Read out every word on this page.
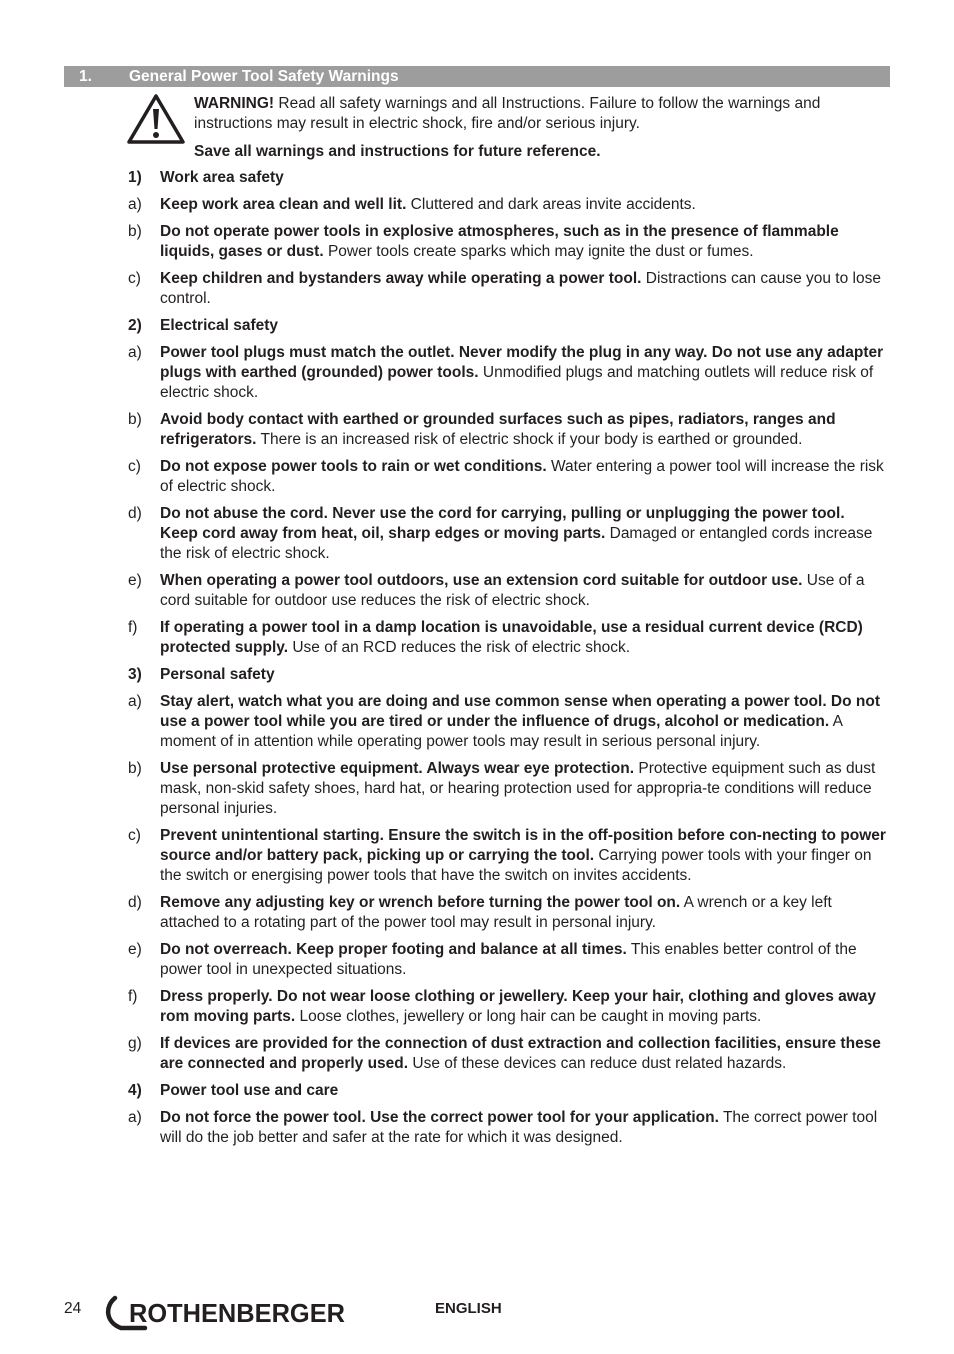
1. General Power Tool Safety Warnings
WARNING! Read all safety warnings and all Instructions. Failure to follow the warnings and instructions may result in electric shock, fire and/or serious injury.
Save all warnings and instructions for future reference.
1) Work area safety
a) Keep work area clean and well lit. Cluttered and dark areas invite accidents.
b) Do not operate power tools in explosive atmospheres, such as in the presence of flammable liquids, gases or dust. Power tools create sparks which may ignite the dust or fumes.
c) Keep children and bystanders away while operating a power tool. Distractions can cause you to lose control.
2) Electrical safety
a) Power tool plugs must match the outlet. Never modify the plug in any way. Do not use any adapter plugs with earthed (grounded) power tools. Unmodified plugs and matching outlets will reduce risk of electric shock.
b) Avoid body contact with earthed or grounded surfaces such as pipes, radiators, ranges and refrigerators. There is an increased risk of electric shock if your body is earthed or grounded.
c) Do not expose power tools to rain or wet conditions. Water entering a power tool will increase the risk of electric shock.
d) Do not abuse the cord. Never use the cord for carrying, pulling or unplugging the power tool. Keep cord away from heat, oil, sharp edges or moving parts. Damaged or entangled cords increase the risk of electric shock.
e) When operating a power tool outdoors, use an extension cord suitable for outdoor use. Use of a cord suitable for outdoor use reduces the risk of electric shock.
f) If operating a power tool in a damp location is unavoidable, use a residual current device (RCD) protected supply. Use of an RCD reduces the risk of electric shock.
3) Personal safety
a) Stay alert, watch what you are doing and use common sense when operating a power tool. Do not use a power tool while you are tired or under the influence of drugs, alcohol or medication. A moment of in attention while operating power tools may result in serious personal injury.
b) Use personal protective equipment. Always wear eye protection. Protective equipment such as dust mask, non-skid safety shoes, hard hat, or hearing protection used for appropria-te conditions will reduce personal injuries.
c) Prevent unintentional starting. Ensure the switch is in the off-position before con-necting to power source and/or battery pack, picking up or carrying the tool. Carrying power tools with your finger on the switch or energising power tools that have the switch on invites accidents.
d) Remove any adjusting key or wrench before turning the power tool on. A wrench or a key left attached to a rotating part of the power tool may result in personal injury.
e) Do not overreach. Keep proper footing and balance at all times. This enables better control of the power tool in unexpected situations.
f) Dress properly. Do not wear loose clothing or jewellery. Keep your hair, clothing and gloves away rom moving parts. Loose clothes, jewellery or long hair can be caught in moving parts.
g) If devices are provided for the connection of dust extraction and collection facilities, ensure these are connected and properly used. Use of these devices can reduce dust related hazards.
4) Power tool use and care
a) Do not force the power tool. Use the correct power tool for your application. The correct power tool will do the job better and safer at the rate for which it was designed.
24 ROTHENBERGER	ENGLISH
